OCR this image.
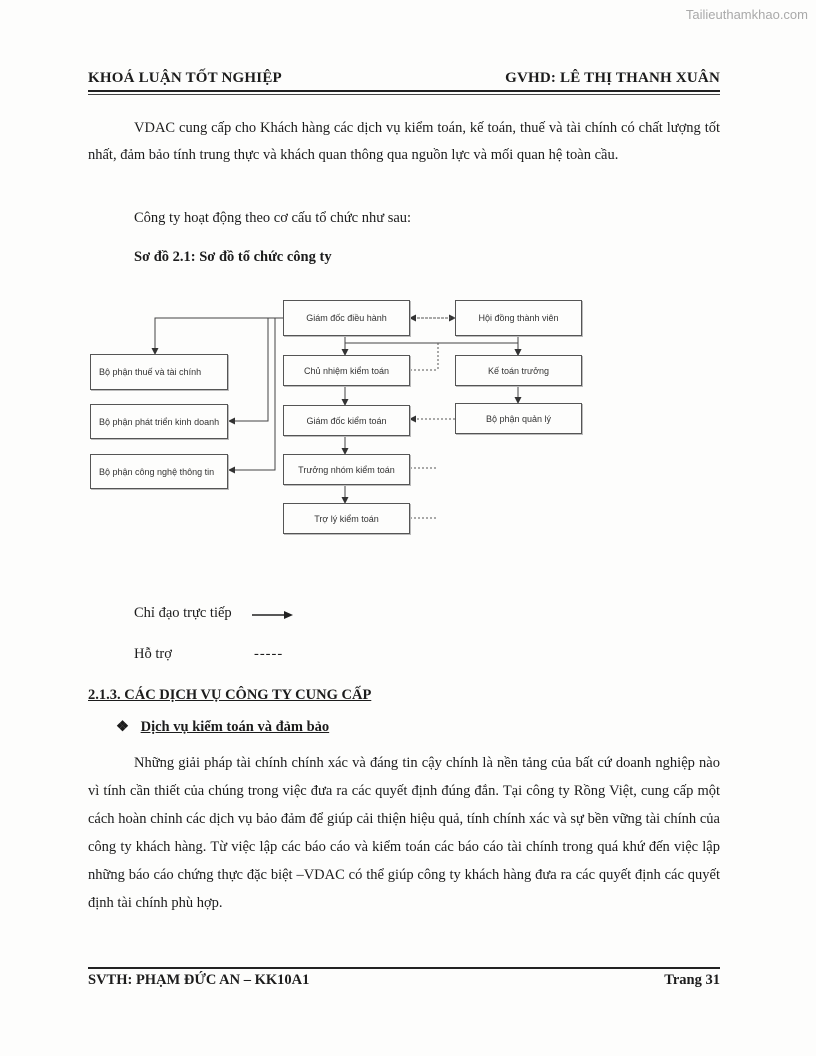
Tailieuthamkhao.com
KHOÁ LUẬN TỐT NGHIỆP	GVHD: LÊ THỊ THANH XUÂN

VDAC cung cấp cho Khách hàng các dịch vụ kiểm toán, kế toán, thuế và tài chính có chất lượng tốt nhất, đảm bảo tính trung thực và khách quan thông qua nguồn lực và mối quan hệ toàn cầu.

Công ty hoạt động theo cơ cấu tổ chức như sau:

Sơ đồ 2.1: Sơ đồ tổ chức công ty
Giám đốc điều hành	Hội đồng thành viên
Chủ nhiệm kiểm toán	Kế toán trưởng
Giám đốc kiểm toán	Bộ phận quản lý
Trưởng nhóm kiểm toán
Trợ lý kiểm toán
Bộ phận thuế và tài chính
Bộ phận phát triển kinh doanh
Bộ phận công nghệ thông tin
Chỉ đạo trực tiếp
Hỗ trợ	-----
2.1.3. CÁC DỊCH VỤ CÔNG TY CUNG CẤP
❖ Dịch vụ kiểm toán và đảm bảo

Những giải pháp tài chính chính xác và đáng tin cậy chính là nền tảng của bất cứ doanh nghiệp nào vì tính cần thiết của chúng trong việc đưa ra các quyết định đúng đắn. Tại công ty Rồng Việt, cung cấp một cách hoàn chỉnh các dịch vụ bảo đảm để giúp cải thiện hiệu quả, tính chính xác và sự bền vững tài chính của công ty khách hàng. Từ việc lập các báo cáo và kiểm toán các báo cáo tài chính trong quá khứ đến việc lập những báo cáo chứng thực đặc biệt –VDAC có thể giúp công ty khách hàng đưa ra các quyết định các quyết định tài chính phù hợp.

SVTH: PHẠM ĐỨC AN – KK10A1	Trang 31
